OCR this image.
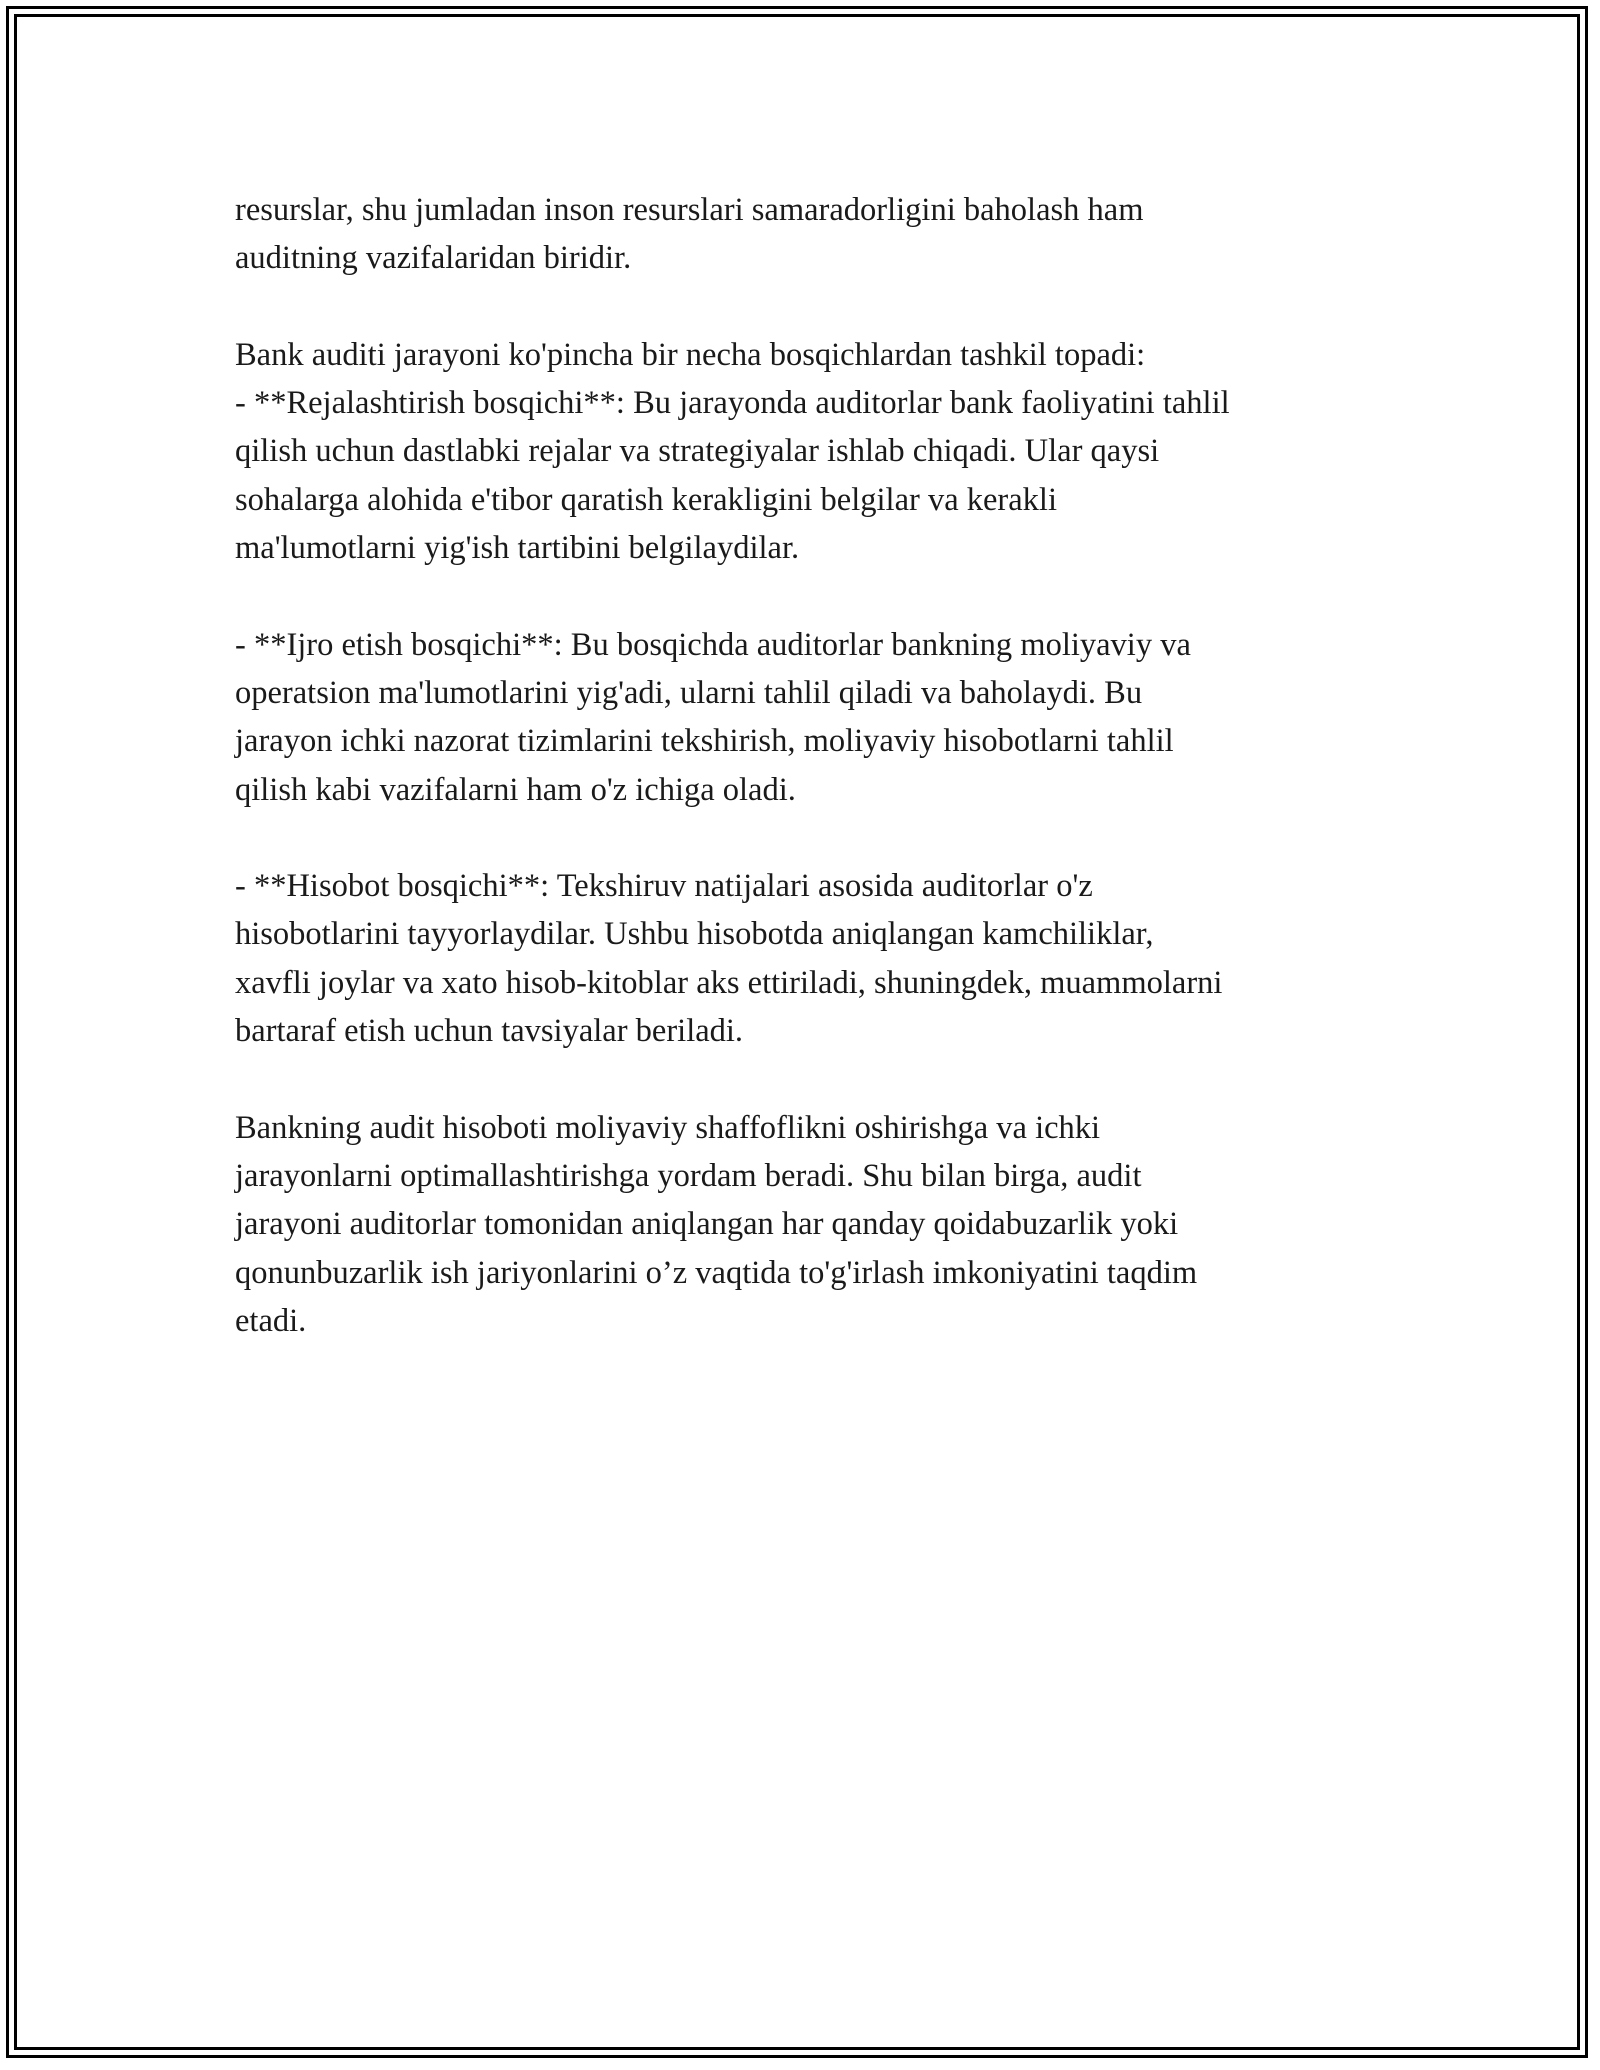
resurslar, shu jumladan inson resurslari samaradorligini baholash ham
auditning vazifalaridan biridir.
Bank auditi jarayoni ko'pincha bir necha bosqichlardan tashkil topadi:
- **Rejalashtirish bosqichi**: Bu jarayonda auditorlar bank faoliyatini tahlil
qilish uchun dastlabki rejalar va strategiyalar ishlab chiqadi. Ular qaysi
sohalarga alohida e'tibor qaratish kerakligini belgilar va kerakli
ma'lumotlarni yig'ish tartibini belgilaydilar.
- **Ijro etish bosqichi**: Bu bosqichda auditorlar bankning moliyaviy va
operatsion ma'lumotlarini yig'adi, ularni tahlil qiladi va baholaydi. Bu
jarayon ichki nazorat tizimlarini tekshirish, moliyaviy hisobotlarni tahlil
qilish kabi vazifalarni ham o'z ichiga oladi.
- **Hisobot bosqichi**: Tekshiruv natijalari asosida auditorlar o'z
hisobotlarini tayyorlaydilar. Ushbu hisobotda aniqlangan kamchiliklar,
xavfli joylar va xato hisob-kitoblar aks ettiriladi, shuningdek, muammolarni
bartaraf etish uchun tavsiyalar beriladi.
Bankning audit hisoboti moliyaviy shaffoflikni oshirishga va ichki
jarayonlarni optimallashtirishga yordam beradi. Shu bilan birga, audit
jarayoni auditorlar tomonidan aniqlangan har qanday qoidabuzarlik yoki
qonunbuzarlik ish jariyonlarini o’z vaqtida to'g'irlash imkoniyatini taqdim
etadi.
